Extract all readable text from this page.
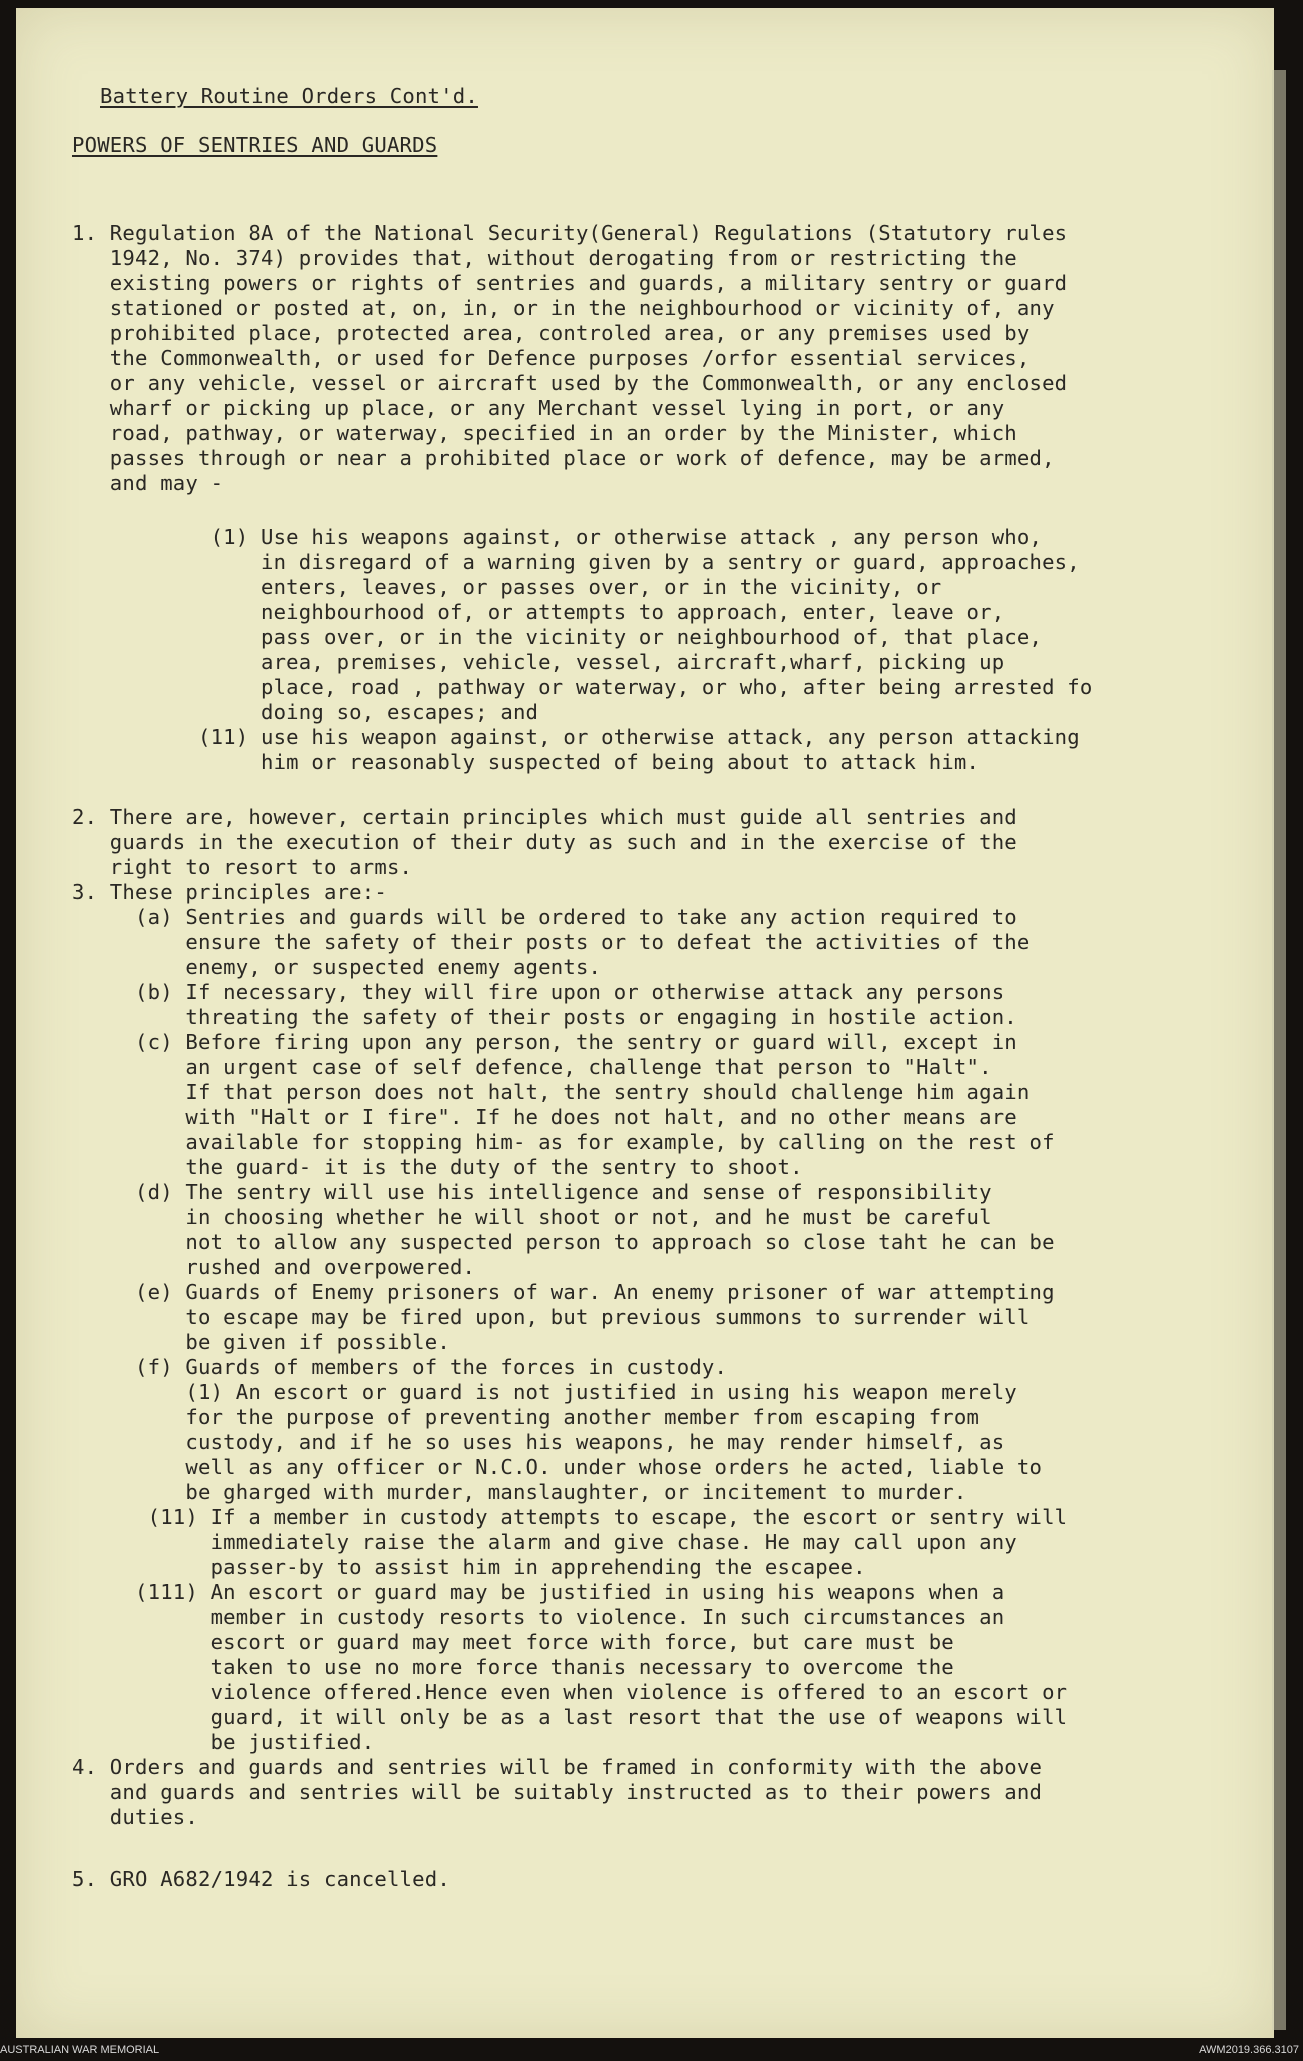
Battery Routine Orders Cont'd.

POWERS OF SENTRIES AND GUARDS

1. Regulation 8A of the National Security(General) Regulations (Statutory rules
1942, No. 374) provides that, without derogating from or restricting the
existing powers or rights of sentries and guards, a military sentry or guard
stationed or posted at, on, in, or in the neighbourhood or vicinity of, any
prohibited place, protected area, controled area, or any premises used by
the Commonwealth, or used for Defence purposes /orfor essential services,
or any vehicle, vessel or aircraft used by the Commonwealth, or any enclosed
wharf or picking up place, or any Merchant vessel lying in port, or any
road, pathway, or waterway, specified in an order by the Minister, which
passes through or near a prohibited place or work of defence, may be armed,
and may -
(1) Use his weapons against, or otherwise attack , any person who,
in disregard of a warning given by a sentry or guard, approaches,
enters, leaves, or passes over, or in the vicinity, or
neighbourhood of, or attempts to approach, enter, leave or,
pass over, or in the vicinity or neighbourhood of, that place,
area, premises, vehicle, vessel, aircraft,wharf, picking up
place, road , pathway or waterway, or who, after being arrested fo
doing so, escapes; and
(11) use his weapon against, or otherwise attack, any person attacking
him or reasonably suspected of being about to attack him.
2. There are, however, certain principles which must guide all sentries and
guards in the execution of their duty as such and in the exercise of the
right to resort to arms.
3. These principles are:-
(a) Sentries and guards will be ordered to take any action required to
ensure the safety of their posts or to defeat the activities of the
enemy, or suspected enemy agents.
(b) If necessary, they will fire upon or otherwise attack any persons
threating the safety of their posts or engaging in hostile action.
(c) Before firing upon any person, the sentry or guard will, except in
an urgent case of self defence, challenge that person to "Halt".
If that person does not halt, the sentry should challenge him again
with "Halt or I fire". If he does not halt, and no other means are
available for stopping him- as for example, by calling on the rest of
the guard- it is the duty of the sentry to shoot.
(d) The sentry will use his intelligence and sense of responsibility
in choosing whether he will shoot or not, and he must be careful
not to allow any suspected person to approach so close taht he can be
rushed and overpowered.
(e) Guards of Enemy prisoners of war. An enemy prisoner of war attempting
to escape may be fired upon, but previous summons to surrender will
be given if possible.
(f) Guards of members of the forces in custody.
(1) An escort or guard is not justified in using his weapon merely
for the purpose of preventing another member from escaping from
custody, and if he so uses his weapons, he may render himself, as
well as any officer or N.C.O. under whose orders he acted, liable to
be gharged with murder, manslaughter, or incitement to murder.
(11) If a member in custody attempts to escape, the escort or sentry will
immediately raise the alarm and give chase. He may call upon any
passer-by to assist him in apprehending the escapee.
(111) An escort or guard may be justified in using his weapons when a
member in custody resorts to violence. In such circumstances an
escort or guard may meet force with force, but care must be
taken to use no more force thanis necessary to overcome the
violence offered.Hence even when violence is offered to an escort or
guard, it will only be as a last resort that the use of weapons will
be justified.
4. Orders and guards and sentries will be framed in conformity with the above
and guards and sentries will be suitably instructed as to their powers and
duties.
5. GRO A682/1942 is cancelled.

AUSTRALIAN WAR MEMORIAL	AWM2019.366.3107
